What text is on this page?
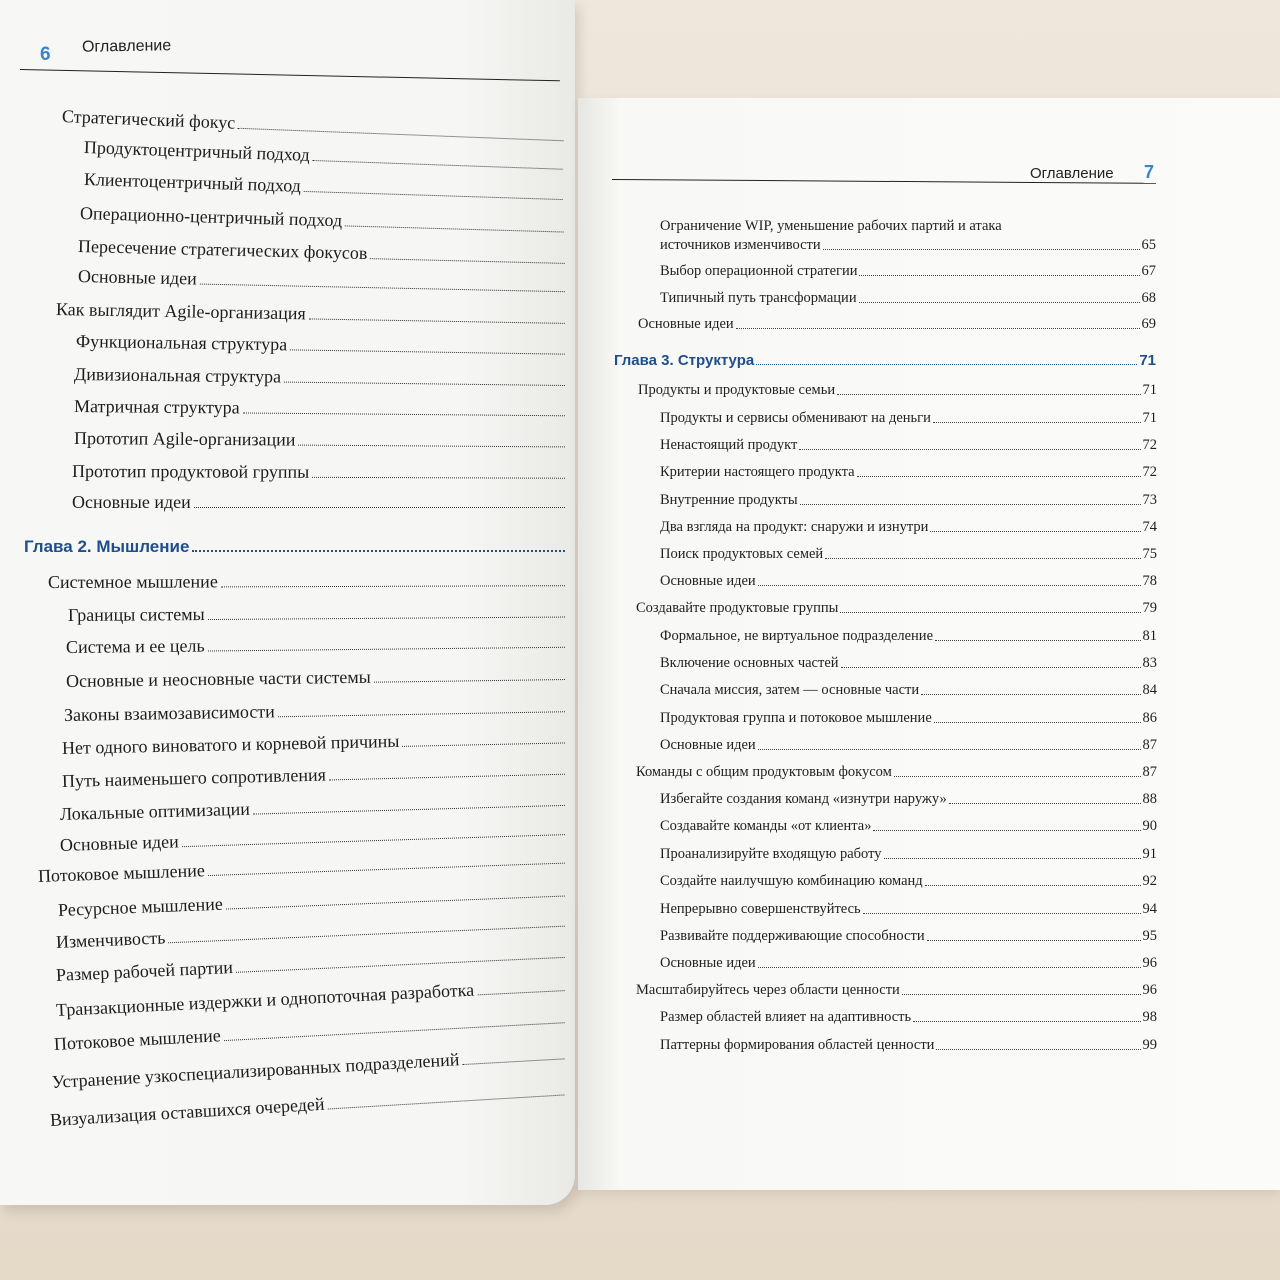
6 Оглавление
Стратегический фокус
Продуктоцентричный подход
Клиентоцентричный подход
Операционно-центричный подход
Пересечение стратегических фокусов
Основные идеи
Как выглядит Agile-организация
Функциональная структура
Дивизиональная структура
Матричная структура
Прототип Agile-организации
Прототип продуктовой группы
Основные идеи
Глава 2. Мышление
Системное мышление
Границы системы
Система и ее цель
Основные и неосновные части системы
Законы взаимозависимости
Нет одного виноватого и корневой причины
Путь наименьшего сопротивления
Локальные оптимизации
Основные идеи
Потоковое мышление
Ресурсное мышление
Изменчивость
Размер рабочей партии
Транзакционные издержки и однопоточная разработка
Потоковое мышление
Устранение узкоспециализированных подразделений
Визуализация оставшихся очередей
Оглавление 7
Ограничение WIP, уменьшение рабочих партий и атака
источников изменчивости	65
Выбор операционной стратегии	67
Типичный путь трансформации	68
Основные идеи	69
Глава 3. Структура	71
Продукты и продуктовые семьи	71
Продукты и сервисы обменивают на деньги	71
Ненастоящий продукт	72
Критерии настоящего продукта	72
Внутренние продукты	73
Два взгляда на продукт: снаружи и изнутри	74
Поиск продуктовых семей	75
Основные идеи	78
Создавайте продуктовые группы	79
Формальное, не виртуальное подразделение	81
Включение основных частей	83
Сначала миссия, затем — основные части	84
Продуктовая группа и потоковое мышление	86
Основные идеи	87
Команды с общим продуктовым фокусом	87
Избегайте создания команд «изнутри наружу»	88
Создавайте команды «от клиента»	90
Проанализируйте входящую работу	91
Создайте наилучшую комбинацию команд	92
Непрерывно совершенствуйтесь	94
Развивайте поддерживающие способности	95
Основные идеи	96
Масштабируйтесь через области ценности	96
Размер областей влияет на адаптивность	98
Паттерны формирования областей ценности	99
